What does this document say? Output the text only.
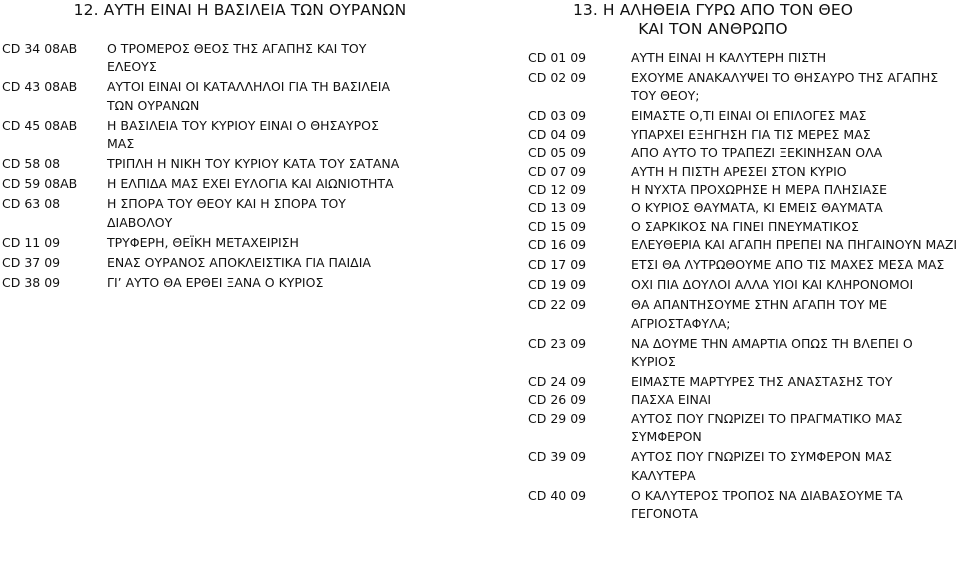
12. ΑΥΤΗ ΕΙΝΑΙ Η ΒΑΣΙΛΕΙΑ ΤΩΝ ΟΥΡΑΝΩΝ
CD 34 08AB	Ο ΤΡΟΜΕΡΟΣ ΘΕΟΣ ΤΗΣ ΑΓΑΠΗΣ ΚΑΙ ΤΟΥ ΕΛΕΟΥΣ
CD 43 08AB	ΑΥΤΟΙ ΕΙΝΑΙ ΟΙ ΚΑΤΑΛΛΗΛΟΙ ΓΙΑ ΤΗ ΒΑΣΙΛΕΙΑ ΤΩΝ ΟΥΡΑΝΩΝ
CD 45 08AB	Η ΒΑΣΙΛΕΙΑ ΤΟΥ ΚΥΡΙΟΥ ΕΙΝΑΙ Ο ΘΗΣΑΥΡΟΣ ΜΑΣ
CD 58 08	ΤΡΙΠΛΗ Η ΝΙΚΗ ΤΟΥ ΚΥΡΙΟΥ ΚΑΤΑ ΤΟΥ ΣΑΤΑΝΑ
CD 59 08AB	Η ΕΛΠΙΔΑ ΜΑΣ ΕΧΕΙ ΕΥΛΟΓΙΑ ΚΑΙ ΑΙΩΝΙΟΤΗΤΑ
CD 63 08	Η ΣΠΟΡΑ ΤΟΥ ΘΕΟΥ ΚΑΙ Η ΣΠΟΡΑ ΤΟΥ ΔΙΑΒΟΛΟΥ
CD 11 09	ΤΡΥΦΕΡΗ, ΘΕΪΚΗ ΜΕΤΑΧΕΙΡΙΣΗ
CD 37 09	ΕΝΑΣ ΟΥΡΑΝΟΣ ΑΠΟΚΛΕΙΣΤΙΚΑ ΓΙΑ ΠΑΙΔΙΑ
CD 38 09	ΓΙ’ ΑΥΤΟ ΘΑ ΕΡΘΕΙ ΞΑΝΑ Ο ΚΥΡΙΟΣ
13. Η ΑΛΗΘΕΙΑ ΓΥΡΩ ΑΠΟ ΤΟΝ ΘΕΟ
ΚΑΙ ΤΟΝ ΑΝΘΡΩΠΟ
CD 01 09	ΑΥΤΗ ΕΙΝΑΙ Η ΚΑΛΥΤΕΡΗ ΠΙΣΤΗ
CD 02 09	ΕΧΟΥΜΕ ΑΝΑΚΑΛΥΨΕΙ ΤΟ ΘΗΣΑΥΡΟ ΤΗΣ ΑΓΑΠΗΣ ΤΟΥ ΘΕΟΥ;
CD 03 09	ΕΙΜΑΣΤΕ Ο,ΤΙ ΕΙΝΑΙ ΟΙ ΕΠΙΛΟΓΕΣ ΜΑΣ
CD 04 09	ΥΠΑΡΧΕΙ ΕΞΗΓΗΣΗ ΓΙΑ ΤΙΣ ΜΕΡΕΣ ΜΑΣ
CD 05 09	ΑΠΟ ΑΥΤΟ ΤΟ ΤΡΑΠΕΖΙ ΞΕΚΙΝΗΣΑΝ ΟΛΑ
CD 07 09	ΑΥΤΗ Η ΠΙΣΤΗ ΑΡΕΣΕΙ ΣΤΟΝ ΚΥΡΙΟ
CD 12 09	Η ΝΥΧΤΑ ΠΡΟΧΩΡΗΣΕ Η ΜΕΡΑ ΠΛΗΣΙΑΣΕ
CD 13 09	Ο ΚΥΡΙΟΣ ΘΑΥΜΑΤΑ, ΚΙ ΕΜΕΙΣ ΘΑΥΜΑΤΑ
CD 15 09	Ο ΣΑΡΚΙΚΟΣ ΝΑ ΓΙΝΕΙ ΠΝΕΥΜΑΤΙΚΟΣ
CD 16 09	ΕΛΕΥΘΕΡΙΑ ΚΑΙ ΑΓΑΠΗ ΠΡΕΠΕΙ ΝΑ ΠΗΓΑΙΝΟΥΝ ΜΑΖΙ
CD 17 09	ΕΤΣΙ ΘΑ ΛΥΤΡΩΘΟΥΜΕ ΑΠΟ ΤΙΣ ΜΑΧΕΣ ΜΕΣΑ ΜΑΣ
CD 19 09	ΟΧΙ ΠΙΑ ΔΟΥΛΟΙ ΑΛΛΑ ΥΙΟΙ ΚΑΙ ΚΛΗΡΟΝΟΜΟΙ
CD 22 09	ΘΑ ΑΠΑΝΤΗΣΟΥΜΕ ΣΤΗΝ ΑΓΑΠΗ ΤΟΥ ΜΕ ΑΓΡΙΟΣΤΑΦΥΛΑ;
CD 23 09	ΝΑ ΔΟΥΜΕ ΤΗΝ ΑΜΑΡΤΙΑ ΟΠΩΣ ΤΗ ΒΛΕΠΕΙ Ο ΚΥΡΙΟΣ
CD 24 09	ΕΙΜΑΣΤΕ ΜΑΡΤΥΡΕΣ ΤΗΣ ΑΝΑΣΤΑΣΗΣ ΤΟΥ
CD 26 09	ΠΑΣΧΑ ΕΙΝΑΙ
CD 29 09	ΑΥΤΟΣ ΠΟΥ ΓΝΩΡΙΖΕΙ ΤΟ ΠΡΑΓΜΑΤΙΚΟ ΜΑΣ ΣΥΜΦΕΡΟΝ
CD 39 09	ΑΥΤΟΣ ΠΟΥ ΓΝΩΡΙΖΕΙ ΤΟ ΣΥΜΦΕΡΟΝ ΜΑΣ ΚΑΛΥΤΕΡΑ
CD 40 09	Ο ΚΑΛΥΤΕΡΟΣ ΤΡΟΠΟΣ ΝΑ ΔΙΑΒΑΣΟΥΜΕ ΤΑ ΓΕΓΟΝΟΤΑ
